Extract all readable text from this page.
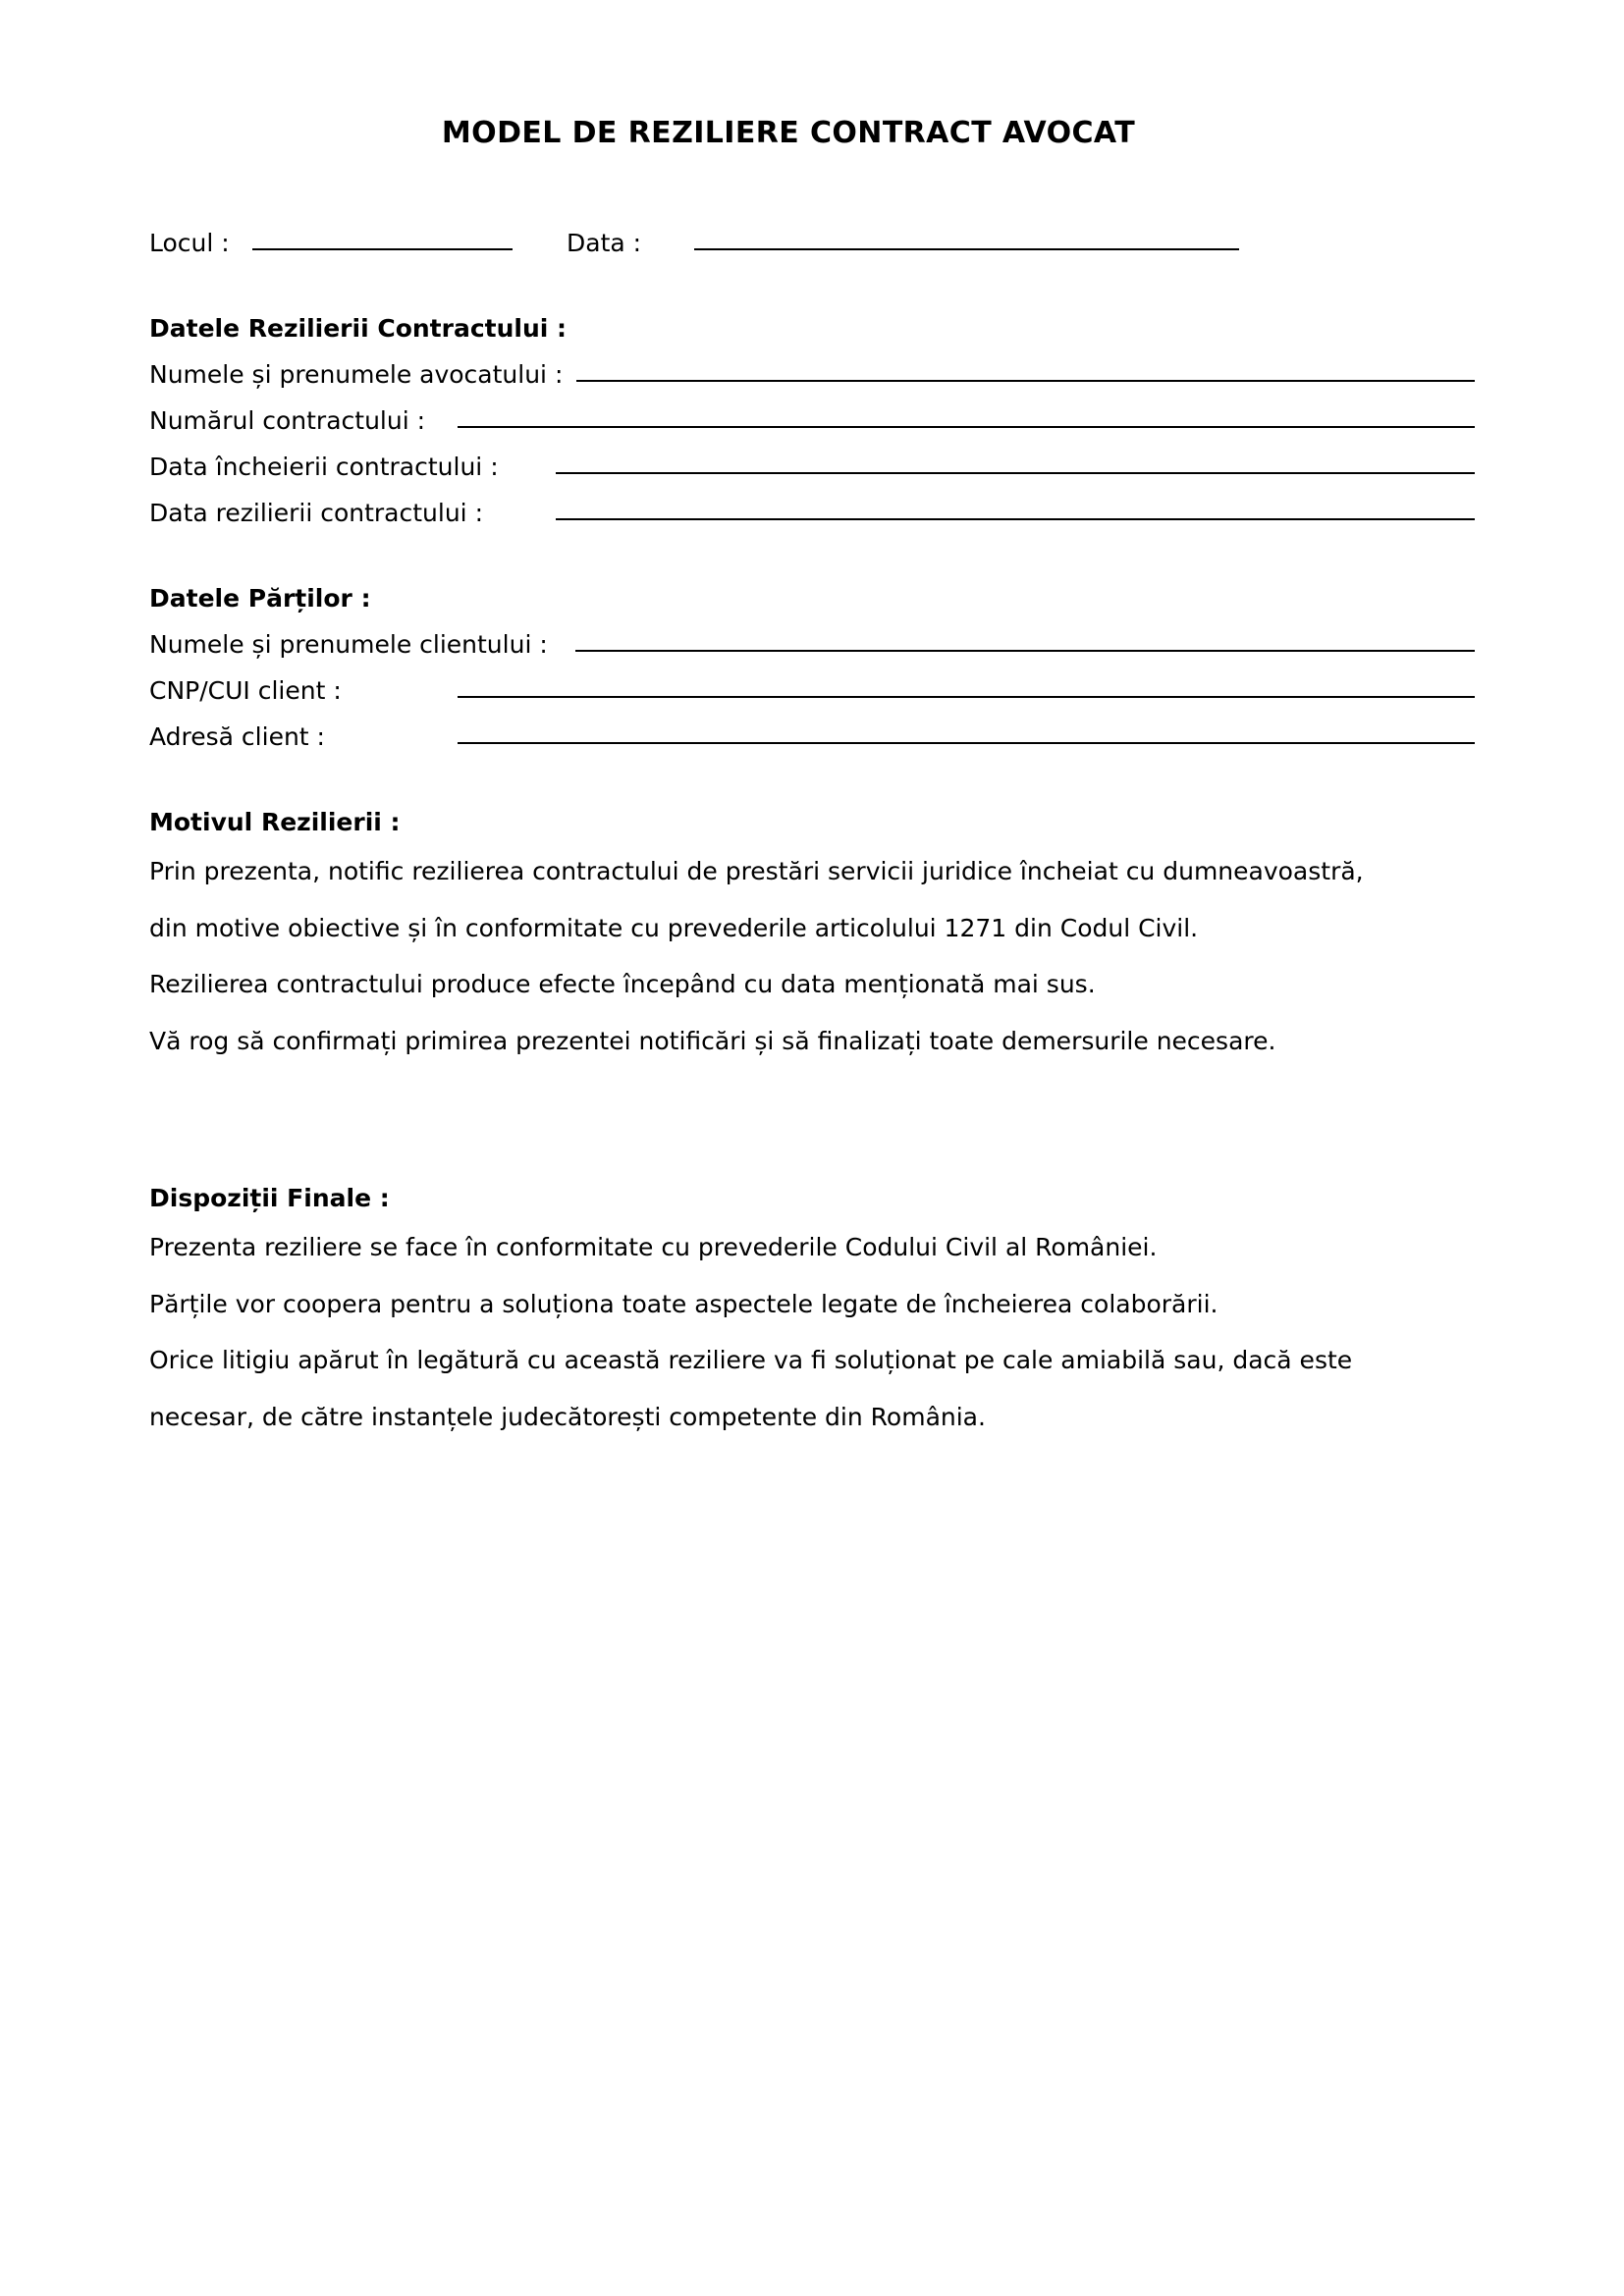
MODEL DE REZILIERE CONTRACT AVOCAT
Locul :	Data :
Datele Rezilierii Contractului :
Numele și prenumele avocatului :
Numărul contractului :
Data încheierii contractului :
Data rezilierii contractului :
Datele Părților :
Numele și prenumele clientului :
CNP/CUI client :
Adresă client :
Motivul Rezilierii :

Prin prezenta, notific rezilierea contractului de prestări servicii juridice încheiat cu dumneavoastră,

din motive obiective și în conformitate cu prevederile articolului 1271 din Codul Civil.

Rezilierea contractului produce efecte începând cu data menționată mai sus.

Vă rog să confirmați primirea prezentei notificări și să finalizați toate demersurile necesare.

Dispoziții Finale :

Prezenta reziliere se face în conformitate cu prevederile Codului Civil al României.

Părțile vor coopera pentru a soluționa toate aspectele legate de încheierea colaborării.

Orice litigiu apărut în legătură cu această reziliere va fi soluționat pe cale amiabilă sau, dacă este

necesar, de către instanțele judecătorești competente din România.
